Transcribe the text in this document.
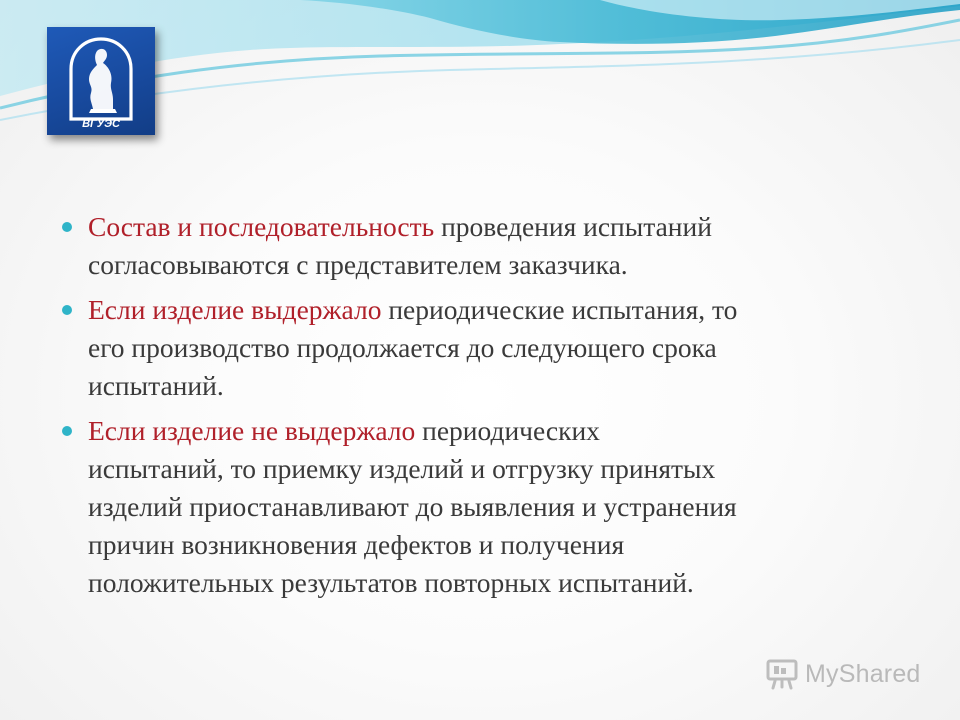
ВГУЭС
Состав и последовательность проведения испытаний
согласовываются с представителем заказчика.
Если изделие выдержало периодические испытания, то
его производство продолжается до следующего срока
испытаний.
Если изделие не выдержало периодических
испытаний, то приемку изделий и отгрузку принятых
изделий приостанавливают до выявления и устранения
причин возникновения дефектов и получения
положительных результатов повторных испытаний.
MyShared
